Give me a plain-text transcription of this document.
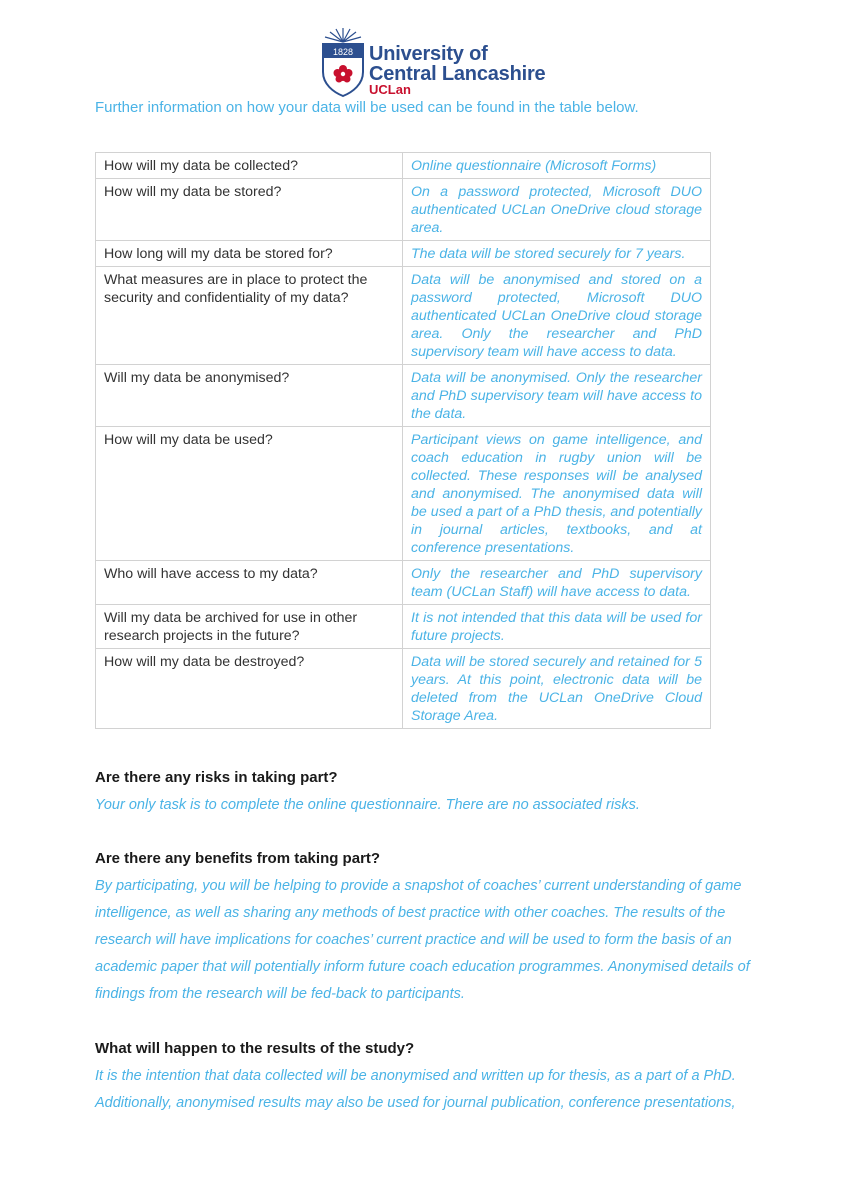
1828 University of
Central Lancashire
UCLan
Further information on how your data will be used can be found in the table below.
How will my data be collected?	Online questionnaire (Microsoft Forms)
How will my data be stored?	On a password protected, Microsoft DUO authenticated UCLan OneDrive cloud storage area.
How long will my data be stored for?	The data will be stored securely for 7 years.
What measures are in place to protect the security and confidentiality of my data?	Data will be anonymised and stored on a password protected, Microsoft DUO authenticated UCLan OneDrive cloud storage area. Only the researcher and PhD supervisory team will have access to data.
Will my data be anonymised?	Data will be anonymised. Only the researcher and PhD supervisory team will have access to the data.
How will my data be used?	Participant views on game intelligence, and coach education in rugby union will be collected. These responses will be analysed and anonymised. The anonymised data will be used a part of a PhD thesis, and potentially in journal articles, textbooks, and at conference presentations.
Who will have access to my data?	Only the researcher and PhD supervisory team (UCLan Staff) will have access to data.
Will my data be archived for use in other research projects in the future?	It is not intended that this data will be used for future projects.
How will my data be destroyed?	Data will be stored securely and retained for 5 years. At this point, electronic data will be deleted from the UCLan OneDrive Cloud Storage Area.
Are there any risks in taking part?
Your only task is to complete the online questionnaire. There are no associated risks.
Are there any benefits from taking part?
By participating, you will be helping to provide a snapshot of coaches’ current understanding of game intelligence, as well as sharing any methods of best practice with other coaches. The results of the research will have implications for coaches’ current practice and will be used to form the basis of an academic paper that will potentially inform future coach education programmes. Anonymised details of findings from the research will be fed-back to participants.
What will happen to the results of the study?
It is the intention that data collected will be anonymised and written up for thesis, as a part of a PhD. Additionally, anonymised results may also be used for journal publication, conference presentations,
